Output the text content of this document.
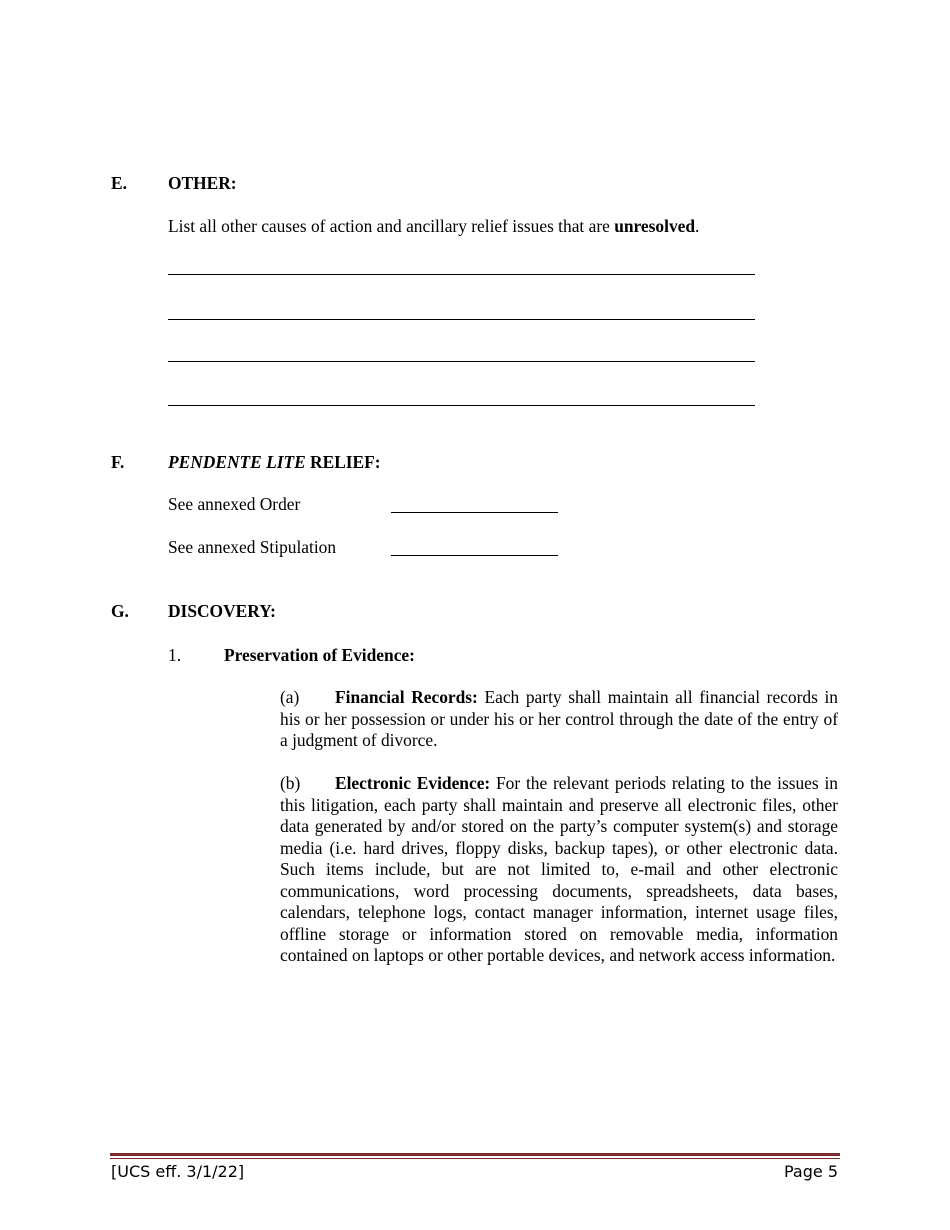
E. OTHER:
List all other causes of action and ancillary relief issues that are unresolved.
F.	PENDENTE LITE RELIEF:
See annexed Order
See annexed Stipulation
G. DISCOVERY:
1. Preservation of Evidence:
(a) Financial Records: Each party shall maintain all financial records in his or her possession or under his or her control through the date of the entry of a judgment of divorce.
(b) Electronic Evidence: For the relevant periods relating to the issues in this litigation, each party shall maintain and preserve all electronic files, other data generated by and/or stored on the party’s computer system(s) and storage media (i.e. hard drives, floppy disks, backup tapes), or other electronic data. Such items include, but are not limited to, e-mail and other electronic communications, word processing documents, spreadsheets, data bases, calendars, telephone logs, contact manager information, internet usage files, offline storage or information stored on removable media, information contained on laptops or other portable devices, and network access information.
[UCS eff. 3/1/22]	Page 5
